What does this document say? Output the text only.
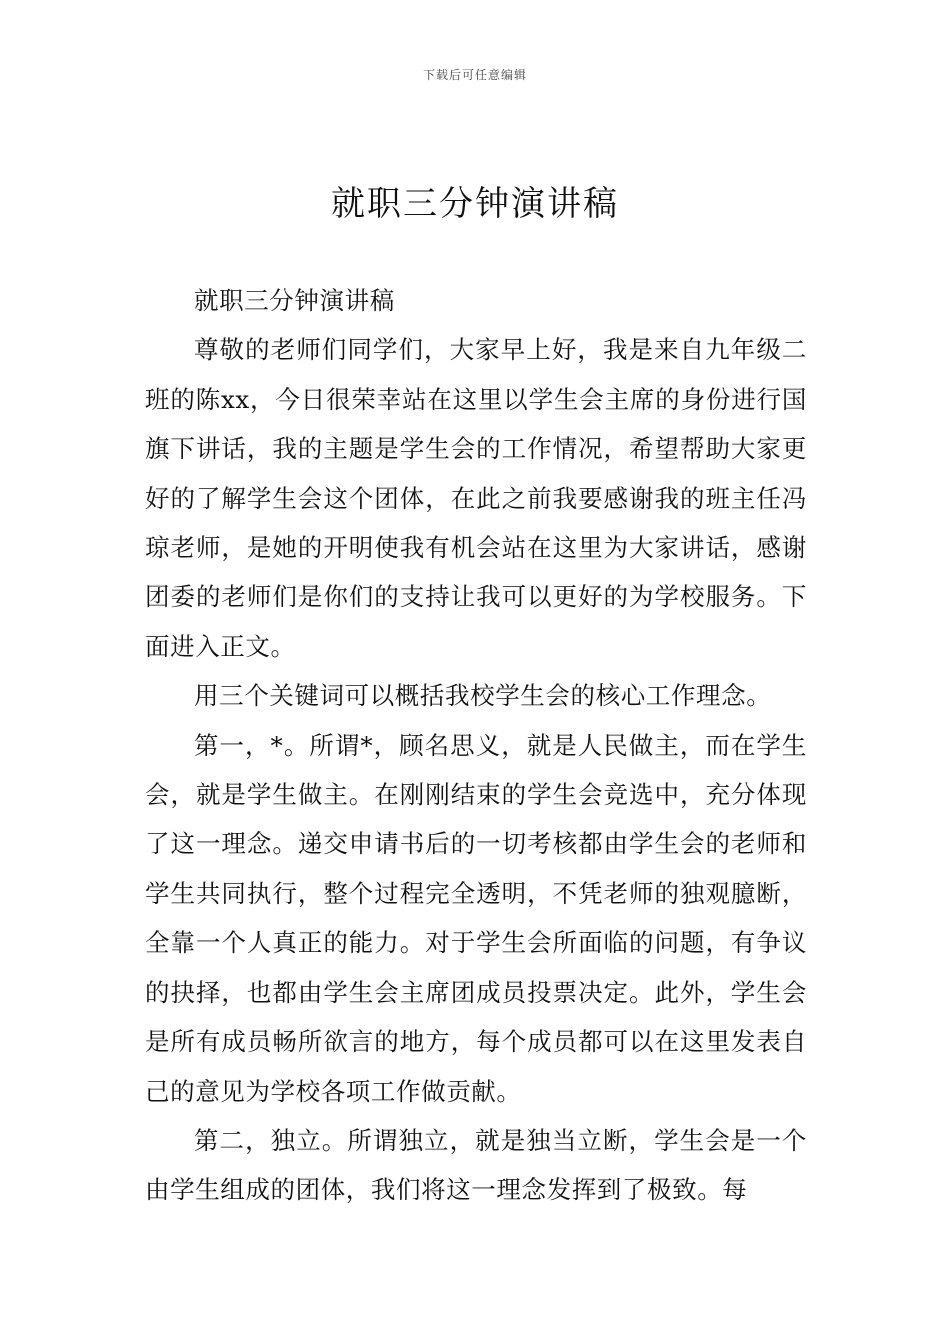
下载后可任意编辑
就职三分钟演讲稿

就职三分钟演讲稿

尊敬的老师们同学们，大家早上好，我是来自九年级二班的陈xx，今日很荣幸站在这里以学生会主席的身份进行国旗下讲话，我的主题是学生会的工作情况，希望帮助大家更好的了解学生会这个团体，在此之前我要感谢我的班主任冯琼老师，是她的开明使我有机会站在这里为大家讲话，感谢团委的老师们是你们的支持让我可以更好的为学校服务。下面进入正文。

用三个关键词可以概括我校学生会的核心工作理念。

第一，*。所谓*，顾名思义，就是人民做主，而在学生会，就是学生做主。在刚刚结束的学生会竞选中，充分体现了这一理念。递交申请书后的一切考核都由学生会的老师和学生共同执行，整个过程完全透明，不凭老师的独观臆断，全靠一个人真正的能力。对于学生会所面临的问题，有争议的抉择，也都由学生会主席团成员投票决定。此外，学生会是所有成员畅所欲言的地方，每个成员都可以在这里发表自己的意见为学校各项工作做贡献。

第二，独立。所谓独立，就是独当立断，学生会是一个由学生组成的团体，我们将这一理念发挥到了极致。每
